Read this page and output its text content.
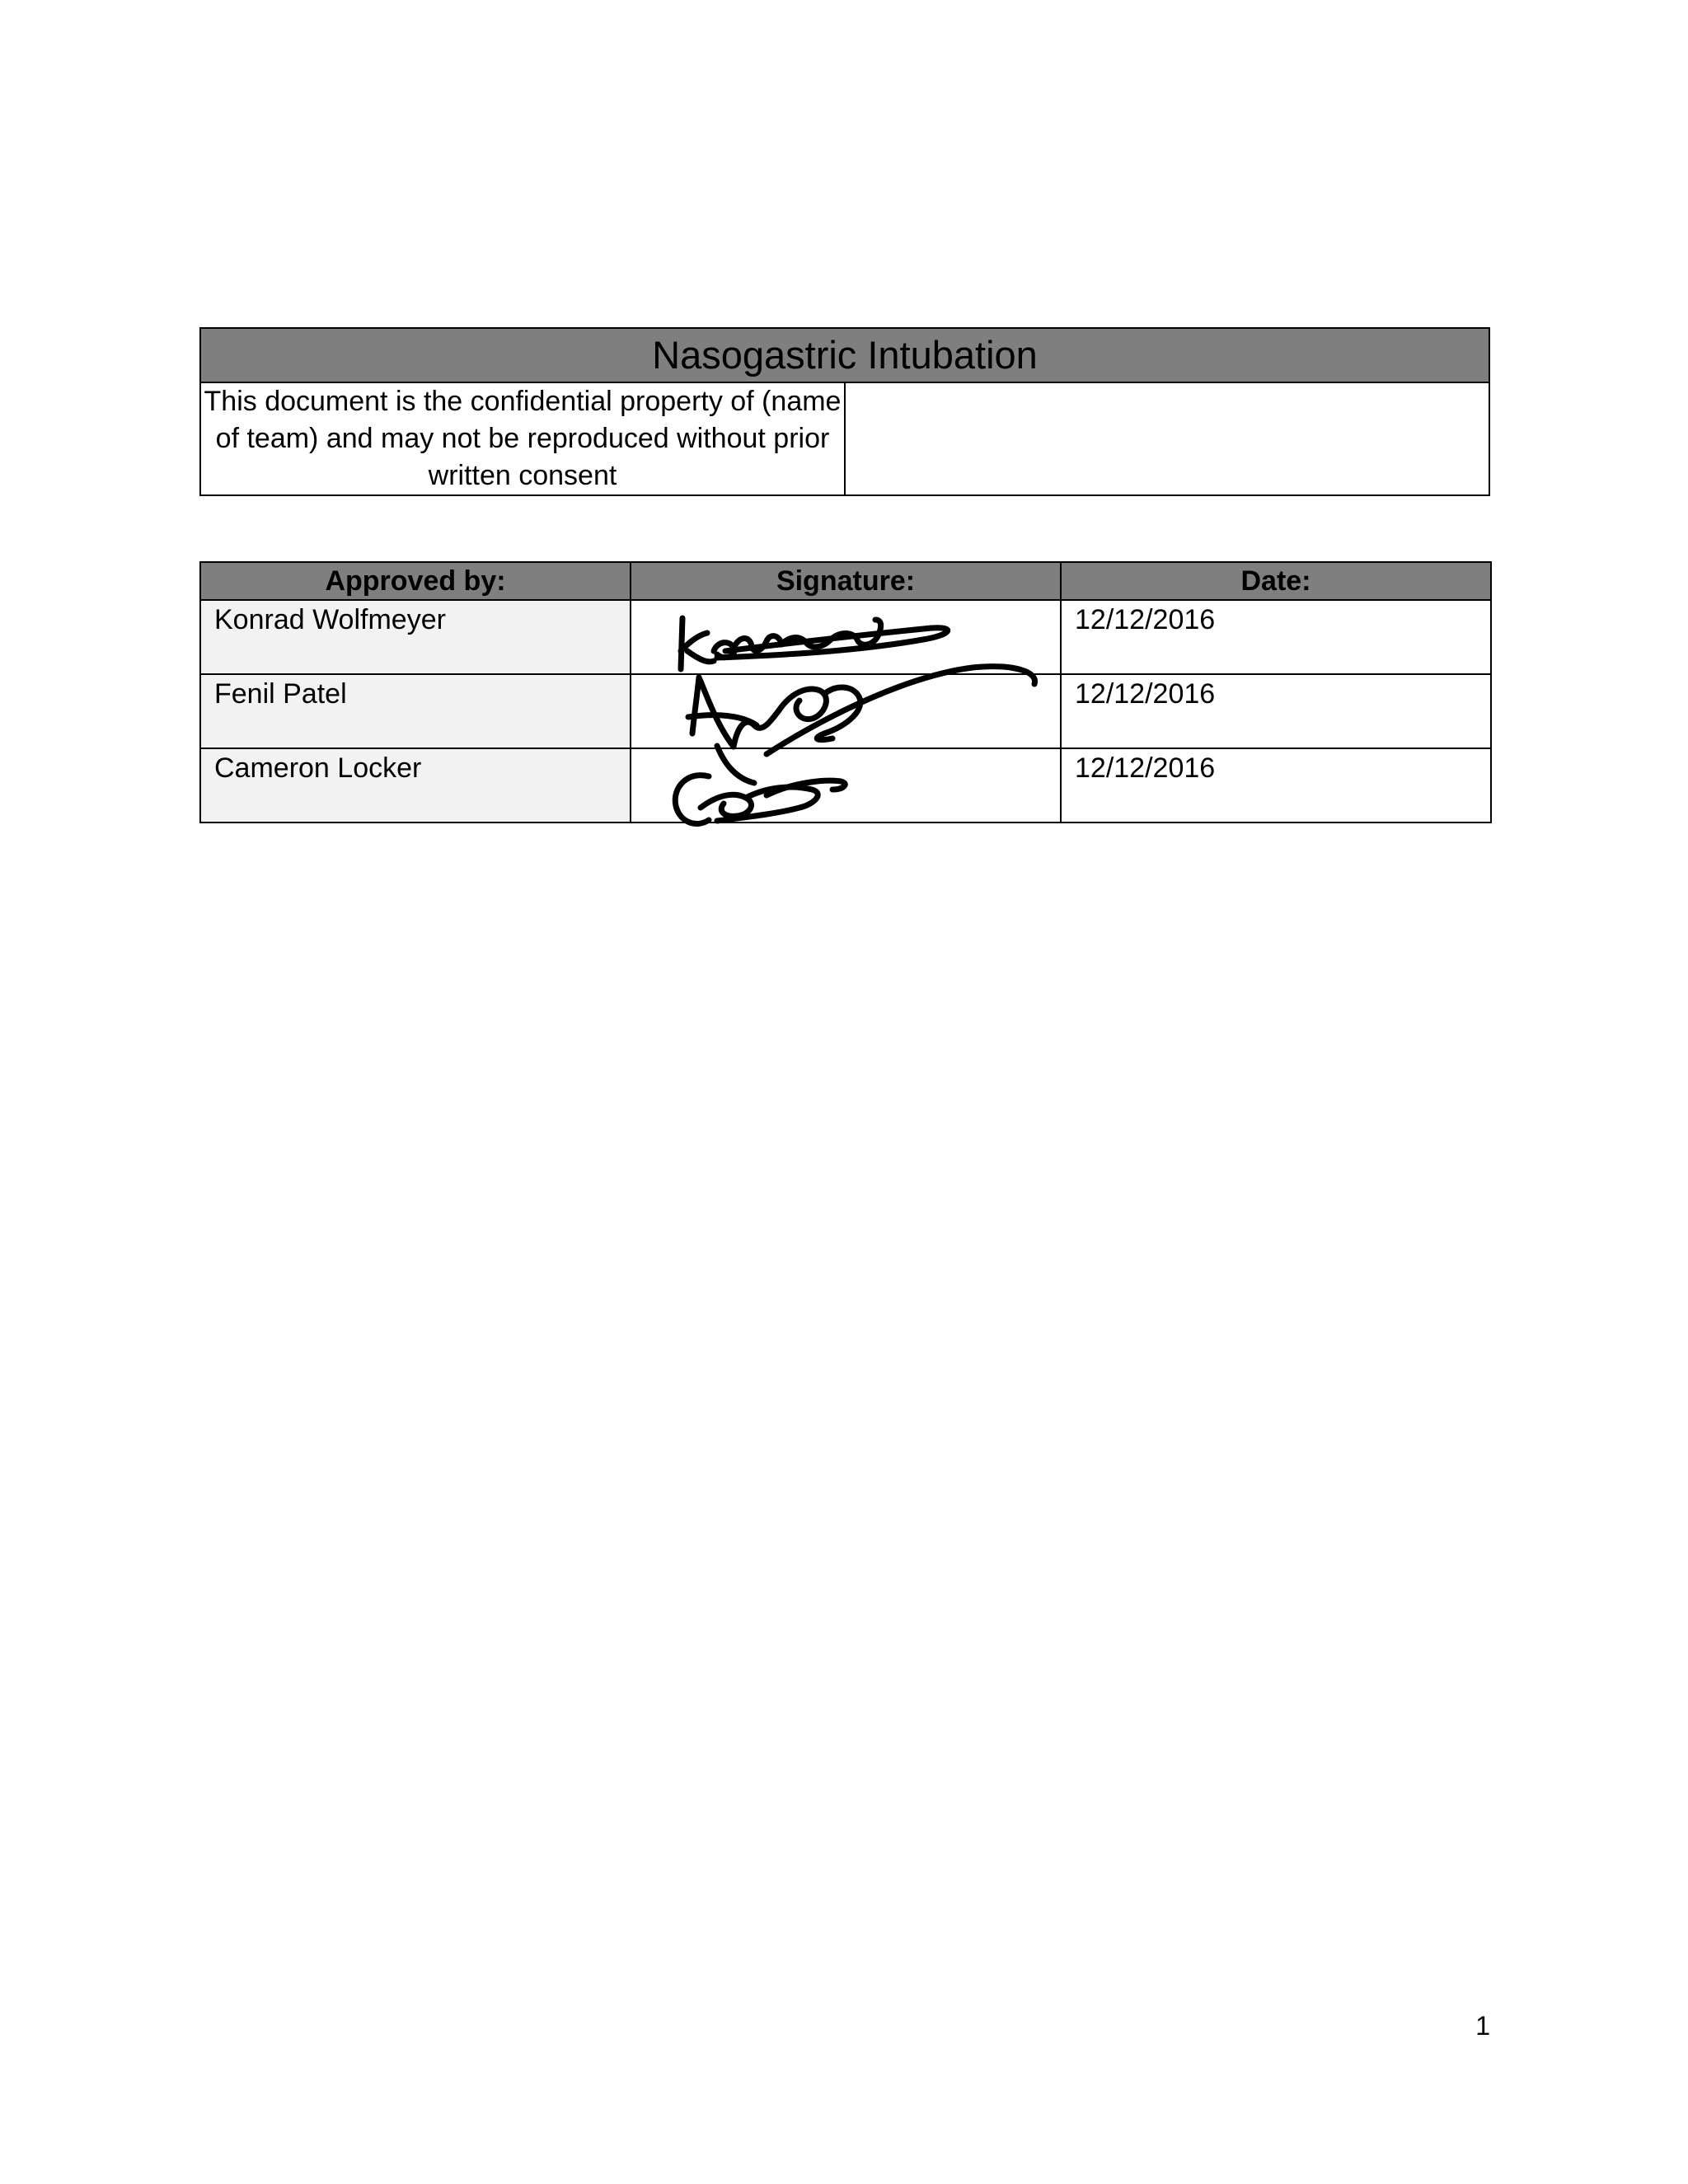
Nasogastric Intubation
This document is the confidential property of (name of team) and may not be reproduced without prior written consent	
Approved by:	Signature:	Date:
Konrad Wolfmeyer		12/12/2016
Fenil Patel		12/12/2016
Cameron Locker		12/12/2016
1
